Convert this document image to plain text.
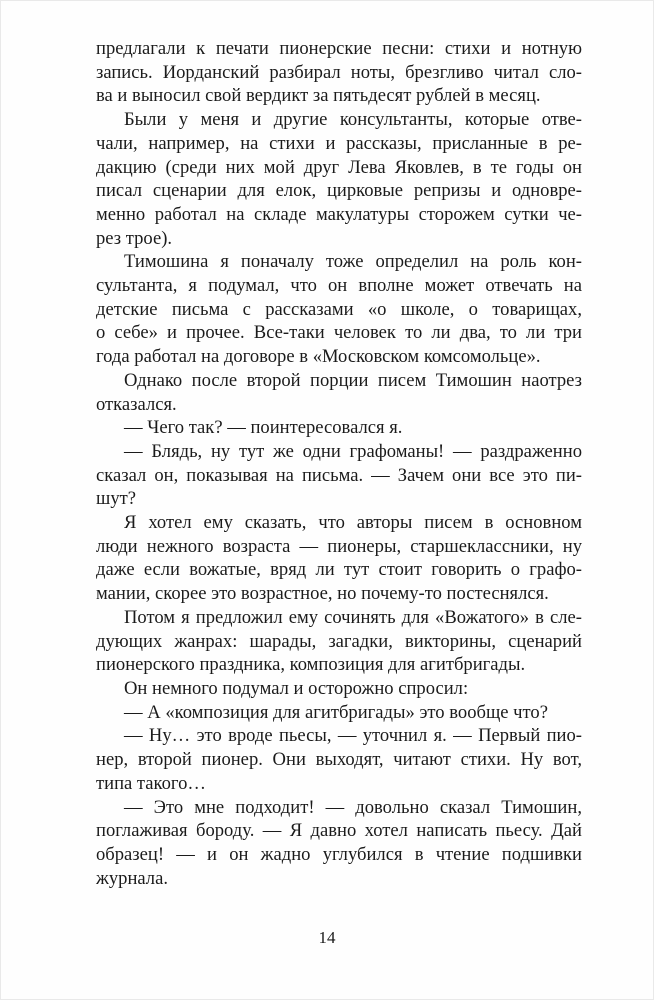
предлагали к печати пионерские песни: стихи и нотную
запись. Иорданский разбирал ноты, брезгливо читал сло-
ва и выносил свой вердикт за пятьдесят рублей в месяц.
Были у меня и другие консультанты, которые отве-
чали, например, на стихи и рассказы, присланные в ре-
дакцию (среди них мой друг Лева Яковлев, в те годы он
писал сценарии для елок, цирковые репризы и одновре-
менно работал на складе макулатуры сторожем сутки че-
рез трое).
Тимошина я поначалу тоже определил на роль кон-
сультанта, я подумал, что он вполне может отвечать на
детские письма с рассказами «о школе, о товарищах,
о себе» и прочее. Все-таки человек то ли два, то ли три
года работал на договоре в «Московском комсомольце».
Однако после второй порции писем Тимошин наотрез
отказался.
— Чего так? — поинтересовался я.
— Блядь, ну тут же одни графоманы! — раздраженно
сказал он, показывая на письма. — Зачем они все это пи-
шут?
Я хотел ему сказать, что авторы писем в основном
люди нежного возраста — пионеры, старшеклассники, ну
даже если вожатые, вряд ли тут стоит говорить о графо-
мании, скорее это возрастное, но почему-то постеснялся.
Потом я предложил ему сочинять для «Вожатого» в сле-
дующих жанрах: шарады, загадки, викторины, сценарий
пионерского праздника, композиция для агитбригады.
Он немного подумал и осторожно спросил:
— А «композиция для агитбригады» это вообще что?
— Ну… это вроде пьесы, — уточнил я. — Первый пио-
нер, второй пионер. Они выходят, читают стихи. Ну вот,
типа такого…
— Это мне подходит! — довольно сказал Тимошин,
поглаживая бороду. — Я давно хотел написать пьесу. Дай
образец! — и он жадно углубился в чтение подшивки
журнала.
14
